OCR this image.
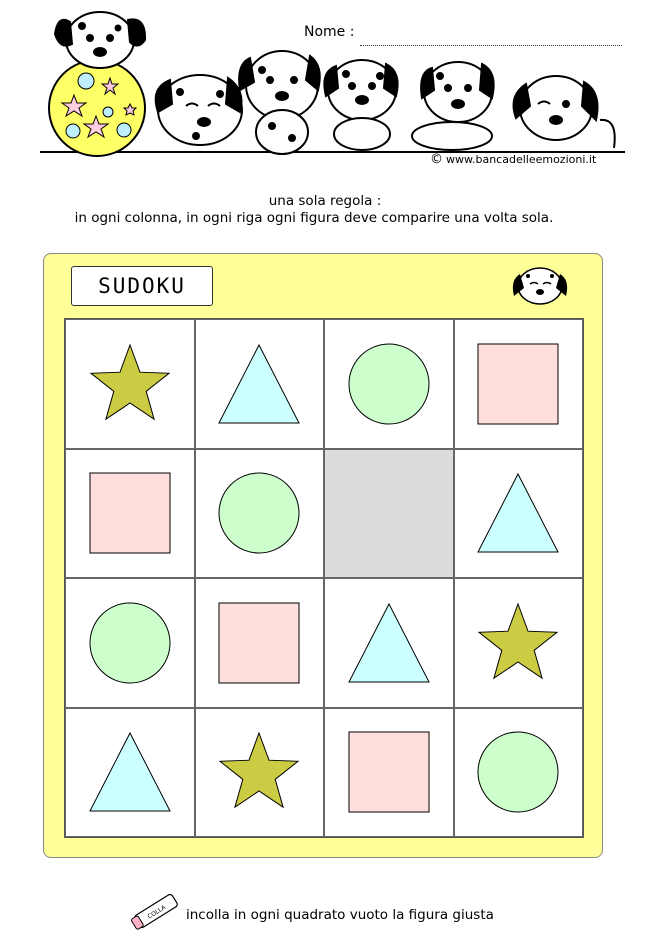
Nome :
© www.bancadelleemozioni.it
una sola regola :
in ogni colonna, in ogni riga ogni figura deve comparire una volta sola.
SUDOKU
COLLA incolla in ogni quadrato vuoto la figura giusta
